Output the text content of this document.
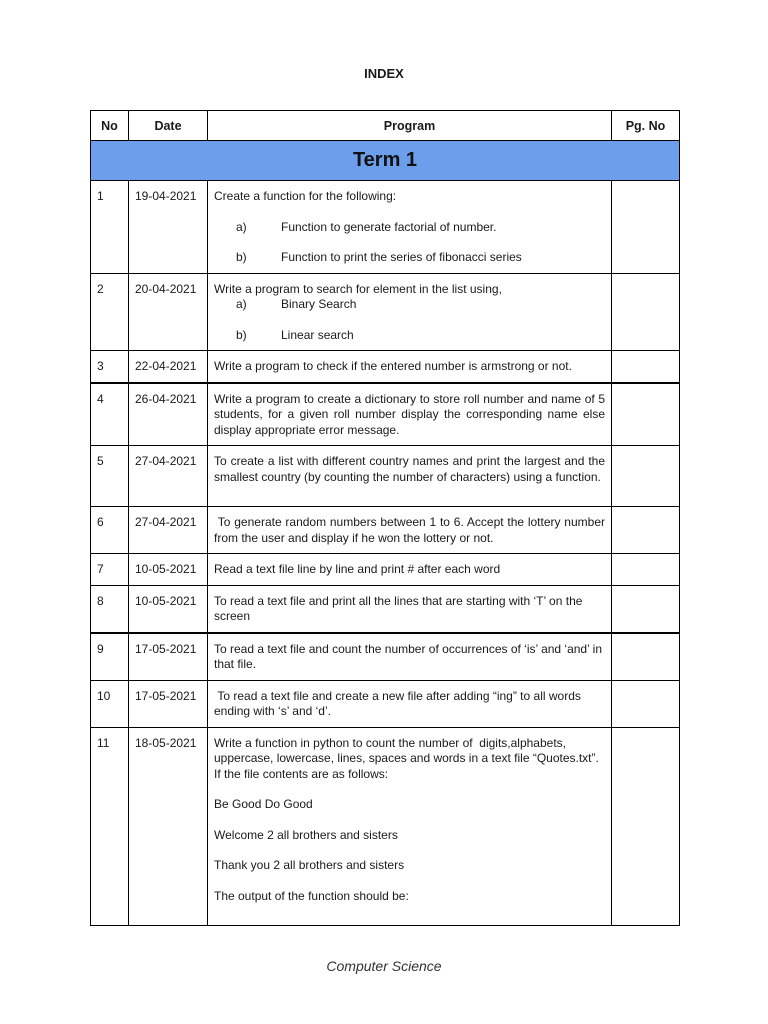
INDEX
No	Date	Program	Pg. No
Term 1			
1	19-04-2021	Create a function for the following:
a) Function to generate factorial of number.
b) Function to print the series of fibonacci series	

2	20-04-2021	Write a program to search for element in the list using,
a) Binary Search
b) Linear search	

3	22-04-2021	Write a program to check if the entered number is armstrong or not.	

4	26-04-2021	Write a program to create a dictionary to store roll number and name of 5 students, for a given roll number display the corresponding name else display appropriate error message.	

5	27-04-2021	To create a list with different country names and print the largest and the smallest country (by counting the number of characters) using a function.	

6	27-04-2021	To generate random numbers between 1 to 6. Accept the lottery number from the user and display if he won the lottery or not.	

7	10-05-2021	Read a text file line by line and print # after each word	

8	10-05-2021	To read a text file and print all the lines that are starting with ‘T’ on the screen	

9	17-05-2021	To read a text file and count the number of occurrences of ‘is’ and ‘and’ in that file.	

10	17-05-2021	To read a text file and create a new file after adding “ing” to all words ending with ‘s’ and ‘d’.	

11	18-05-2021	Write a function in python to count the number of  digits,alphabets, uppercase, lowercase, lines, spaces and words in a text file “Quotes.txt”. If the file contents are as follows:
Be Good Do Good
Welcome 2 all brothers and sisters
Thank you 2 all brothers and sisters
The output of the function should be:	

Computer Science
